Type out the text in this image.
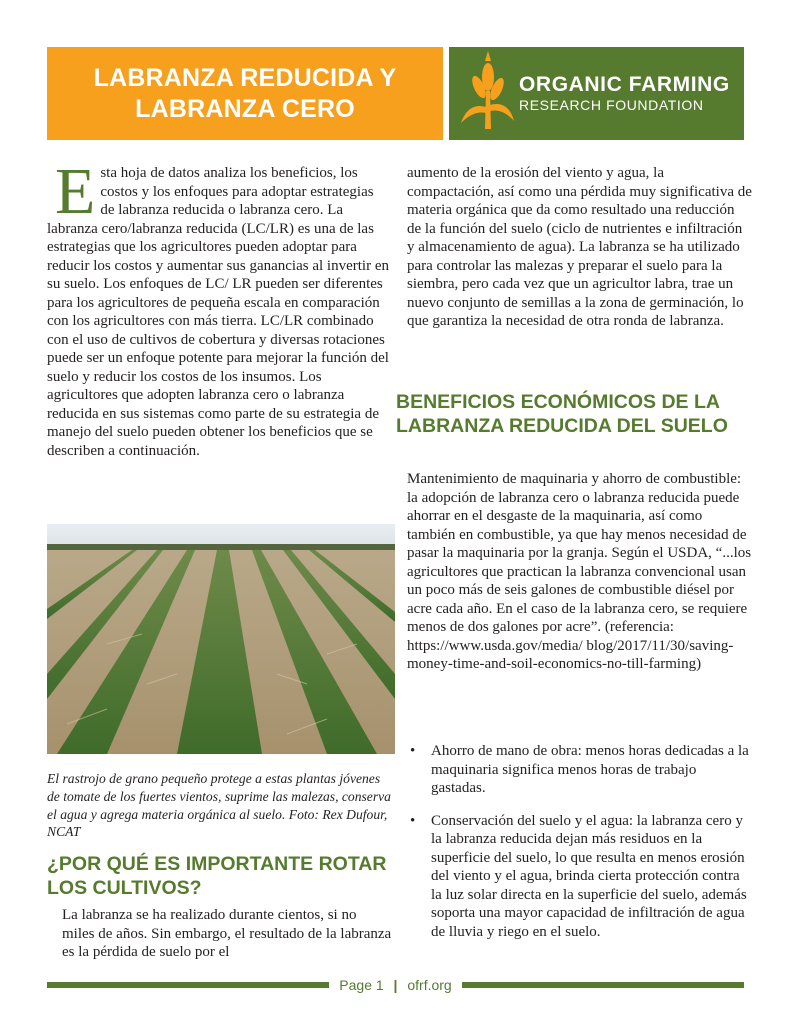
LABRANZA REDUCIDA Y
LABRANZA CERO
ORGANIC FARMING
RESEARCH FOUNDATION
E sta hoja de datos analiza los beneficios, los costos y los enfoques para adoptar estrategias de labranza reducida o labranza cero. La labranza cero/labranza reducida (LC/LR) es una de las estrategias que los agricultores pueden adoptar para reducir los costos y aumentar sus ganancias al invertir en su suelo. Los enfoques de LC/ LR pueden ser diferentes para los agricultores de pequeña escala en comparación con los agricultores con más tierra. LC/LR combinado con el uso de cultivos de cobertura y diversas rotaciones puede ser un enfoque potente para mejorar la función del suelo y reducir los costos de los insumos. Los agricultores que adopten labranza cero o labranza reducida en sus sistemas como parte de su estrategia de manejo del suelo pueden obtener los beneficios que se describen a continuación.
El rastrojo de grano pequeño protege a estas plantas jóvenes de tomate de los fuertes vientos, suprime las malezas, conserva el agua y agrega materia orgánica al suelo. Foto: Rex Dufour, NCAT
¿POR QUÉ ES IMPORTANTE ROTAR LOS CULTIVOS?
La labranza se ha realizado durante cientos, si no miles de años. Sin embargo, el resultado de la labranza es la pérdida de suelo por el
aumento de la erosión del viento y agua, la compactación, así como una pérdida muy significativa de materia orgánica que da como resultado una reducción de la función del suelo (ciclo de nutrientes e infiltración y almacenamiento de agua). La labranza se ha utilizado para controlar las malezas y preparar el suelo para la siembra, pero cada vez que un agricultor labra, trae un nuevo conjunto de semillas a la zona de germinación, lo que garantiza la necesidad de otra ronda de labranza.
BENEFICIOS ECONÓMICOS DE LA LABRANZA REDUCIDA DEL SUELO
Mantenimiento de maquinaria y ahorro de combustible: la adopción de labranza cero o labranza reducida puede ahorrar en el desgaste de la maquinaria, así como también en combustible, ya que hay menos necesidad de pasar la maquinaria por la granja. Según el USDA, “...los agricultores que practican la labranza convencional usan un poco más de seis galones de combustible diésel por acre cada año. En el caso de la labranza cero, se requiere menos de dos galones por acre”. (referencia: https://www.usda.gov/media/ blog/2017/11/30/saving-money-time-and-soil-economics-no-till-farming)
• Ahorro de mano de obra: menos horas dedicadas a la maquinaria significa menos horas de trabajo gastadas.
• Conservación del suelo y el agua: la labranza cero y la labranza reducida dejan más residuos en la superficie del suelo, lo que resulta en menos erosión del viento y el agua, brinda cierta protección contra la luz solar directa en la superficie del suelo, además soporta una mayor capacidad de infiltración de agua de lluvia y riego en el suelo.
Page 1 | ofrf.org
